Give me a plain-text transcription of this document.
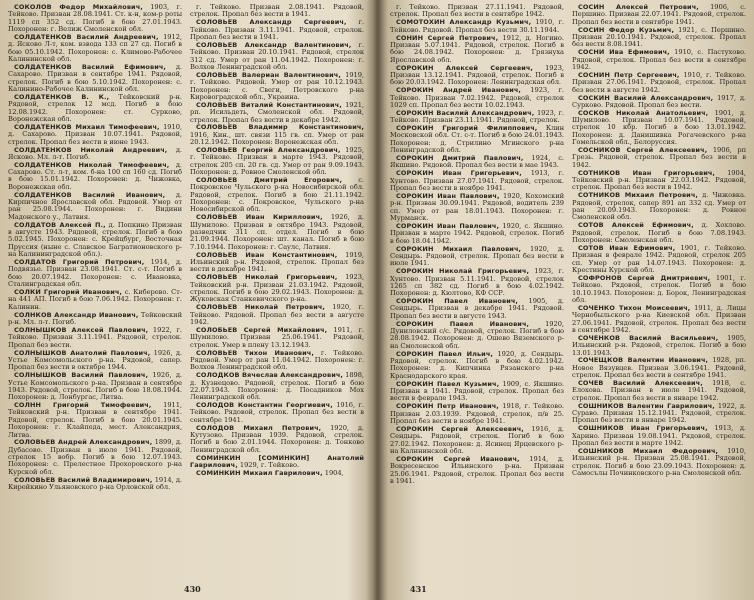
СОКОЛОВ Федор Михайлович, 1903, г. Тейково. Призван 28.08.1941. Ст. к-н, ком-р роты 1119 сп 352 сд. Погиб в бою 27.01.1943. Похоронен: г. Велиж Смоленской обл.
СОЛДАТЕНКОВ Василий Андреевич, 1912, д. Ясково Л-т, ком. взвода 133 сп 27 сд. Погиб в бою 05.10.1942. Похоронен: с. Климово-Рабочее Калининской обл.
СОЛДАТЕНКОВ Василий Ефимович, д. Сахарово. Призван в сентябре 1941. Рядовой, стрелок. Погиб в бою 5.10.1942. Похоронен: с. Калинино-Рабочее Калининской обл.
СОЛДАТЕНКОВ В. К., Тейковский р-н. Рядовой, стрелок 12 мсд. Погиб в бою 12.08.1942. Похоронен: ст. Сурково, Воронежская обл.
СОЛДАТЕНКОВ Михаил Тимофеевич, 1910, д. Сахарово. Призван 10.07.1941. Рядовой, стрелок. Пропал без вести в июне 1943.
СОЛДАТЕНКОВ Николай Андреевич, д. Ясково. Мл. л-т. Погиб.
СОЛДАТЕНКОВ Николай Тимофеевич, д. Сахарово. Ст. л-т, ком. б-на 100 сп 160 сд. Погиб в бою 15.01.1942. Похоронен: д. Чижовка, Воронежская обл.
СОЛДАТЕНКОВ Василий Иванович, д. Кирпичное Ярославской обл. Рядовой. Умер от ран 25.08.1944. Похоронен: г. Видини Мадонского у., Латвия.
СОЛДАТОВ Алексей П., д. Попкино Призван в августе 1943. Рядовой, стрелок. Погиб в бою 5.02.1945. Похоронен: с. Крейцбург, Восточная Пруссия (ныне с. Славское Багратионовского р-на Калининградской обл.).
СОЛДАТОВ Григорий Петрович, 1914, д. Подвязье. Призван 23.08.1941. Ст. с-т. Погиб в бою 20.07.1942. Похоронен: с. Ивановка, Сталинградская обл.
СОЛКИ Григорий Иванович, с. Киберево. Ст-на 441 АП. Погиб в бою 7.06.1942. Похоронен: г. Калинин.
СОЛНКОВ Александр Иванович, Тейковский р-н. Мл. л-т. Погиб.
СОЛНЫШКОВ Алексей Павлович, 1922, г. Тейково. Призван 3.11.1941. Рядовой, стрелок. Пропал без вести.
СОЛНЫШКОВ Анатолий Павлович, 1926, д. Устье Комсомольского р-на. Рядовой, сапер. Пропал без вести в октябре 1944.
СОЛНЫШКОВ Василий Павлович, 1926, д. Устье Комсомольского р-на. Призван в сентябре 1943. Рядовой, стрелок. Погиб в бою 18.08.1944. Похоронен: д. Лонбургас, Литва.
СОЛНН Григорий Тимофеевич, 1911, Тейковский р-н. Призван в сентябре 1941. Рядовой, стрелок. Погиб в бою 20.01.1945. Похоронен: г. Клайпеда, мест. Александрия, Литва.
СОЛОВЬЕВ Андрей Александрович, 1899, д. Дубасово. Призван в июле 1941. Рядовой, стрелок 15 вобр. Погиб в бою 12.07.1943. Похоронен: с. Прелестное Прохоровского р-на Курской обл.
СОЛОВЬЕВ Василий Владимирович, 1914, д. Кирейкино Ульяновского р-на Орловской обл.
г. Тейково. Призван 2.08.1941. Рядовой, стрелок. Пропал без вести в 1941.
СОЛОВЬЕВ Александр Сергеевич, г. Тейково. Призван 3.11.1941. Рядовой, стрелок. Пропал без вести в 1941.
СОЛОВЬЕВ Александр Валентинович, г. Тейково. Призван 20.10.1941. Рядовой, стрелок 312 сд. Умер от ран 11.04.1942. Похоронен: г. Волхов Ленинградской обл.
СОЛОВЬЕВ Валериан Валентинович, 1919, г. Тейково. Рядовой. Умер от ран 10.12.1943. Похоронен: с. Свеги, Петровского р-на Кировоградской обл., Украина.
СОЛОВЬЕВ Виталий Константинович, 1921, рп. Исильдеть, Смоленской обл. Рядовой, стрелок. Пропал без вести в декабре 1942.
СОЛОВЬЕВ Владимир Константинович, 1916, Кин., шт. связи 115 гв. сп. Умер от ран 20.12.1942. Похоронен: Воронежская обл.
СОЛОВЬЕВ Георгий Александрович, 1925, г. Тейково. Призван в марте 1943. Рядовой, стрелок 205 сп. 20 гв. сд. Умер от ран 9.09.1943. Похоронен: д. Ровное Смоленской обл.
СОЛОВЬЕВ Дмитрий Егорович, с. Покровское Чульского р-на Новосибирской обл. Рядовой, стрелок. Погиб в бою 21.11.1942. Похоронен: с. Покровское, Чульского р-на Новосибирской обл.
СОЛОВЬЕВ Иван Кириллович, 1926, д. Шумилово. Призван в октябре 1943. Рядовой, разведчик 311 сп. отдел. Погиб в бою 21.09.1944. Похоронен: шт. канал. Погиб в бою 7.10.1944. Похоронен: г. Саулс, Латвия.
СОЛОВЬЕВ Иван Константинович, 1919, Ильинский р-н. Рядовой, стрелок. Пропал без вести в декабре 1941.
СОЛОВЬЕВ Николай Григорьевич, 1923, Тейковский р-н. Призван 21.03.1942. Рядовой, стрелок. Погиб в бою 29.02.1943. Похоронен: д. Жуковская Станкевичского р-на.
СОЛОВЬЕВ Николай Петрович, 1920, г. Тейково. Рядовой. Пропал без вести в августе 1942.
СОЛОБЬЕВ Сергей Михайлович, 1911, г. Шумилово. Призван 25.06.1941. Рядовой, стрелок. Умер в плену 13.12.1943.
СОЛОВЬЕВ Тихон Иванович, г. Тейково. Рядовой. Умер от ран 11.04.1942. Похоронен: г. Волхов Ленинградской обл.
СОЛОДКОВ Вячеслав Александрович, 1898, д. Кузнецово. Рядовой, стрелок. Погиб в бою 22.07.1943. Похоронен: д. Посадников Мох Ленинградской обл.
СОЛОДОВ Константин Георгиевич, 1916, г. Тейково. Рядовой, стрелок. Пропал без вести в сентябре 1941.
СОЛОДОВ Михаил Петрович, 1920, д. Кутузово. Призван 1939. Рядовой, стрелок. Погиб в бою 2.01.1944. Похоронен: д. Тонково Ленинградской обл.
СОМИНКИН [СОМИНКИН] Анатолий Гаврилович, 1929, г. Тейково.
СОМИНКИН Михаил Гаврилович, 1904,
430
г. Тейково. Призван 27.11.1941. Рядовой, стрелок. Пропал без вести в сентябре 1942.
СОМОТОХИН Александр Кузьмич, 1910, г. Тейково. Рядовой. Пропал без вести 30.11.1944.
СОНИН Сергей Петрович, 1912, д. Ногино. Призван 5.07.1941. Рядовой, стрелок. Погиб в бою 24.08.1942. Похоронен: д. Грязнуха Ярославской обл.
СОРОКИН Алексей Сергеевич, 1923, Призван 13.12.1941. Рядовой, стрелок. Погиб в бою 20.03.1942. Похоронен: Ленинградская обл.
СОРОКИН Андрей Иванович, 1923, г. Тейково. Призван 7.02.1942. Рядовой, стрелок 1029 сп. Пропал без вести 10.02.1943.
СОРОКИН Василий Александрович, 1923, г. Тейково. Призван 23.11.1941. Рядовой, стрелок.
СОРОКИН Григорий Филиппович, Клин Московской обл. Ст. с-т. Погиб в бою 24.01.1943. Похоронен: д. Стрилино Мгинского р-на Ленинградской обл.
СОРОКИН Дмитрий Павлович, 1924, с. Якшино. Рядовой. Пропал без вести в мае 1943.
СОРОКИН Иван Григорьевич, 1913, г. Хунтово. Призван 27.07.1941. Рядовой, стрелок. Пропал без вести в ноябре 1941.
СОРОКИН Иван Павлович, 1920, Кохомский р-н. Призван 30.09.1941. Рядовой, водитель 239 сп. Умер от ран 18.01.1943. Похоронен: г. Мурманск.
СОРОКИН Иван Павлович, 1920, с. Якшино. Призван в марте 1942. Рядовой, стрелок. Погиб в бою 18.04.1942.
СОРОКИН Михаил Павлович, 1920, д. Сендырь. Рядовой, стрелок. Пропал без вести в июле 1941.
СОРОКИН Николай Григорьевич, 1923, г. Хунтово. Призван 5.11.1941. Рядовой, стрелок 1265 сп 382 сд. Погиб в бою 4.02.1942. Похоронен: д. Кюлтово, КФ ССР.
СОРОКИН Павел Иванович, 1905, д. Сендырь. Призван в декабре 1941. Рядовой. Пропал без вести в августе 1943.
СОРОКИН Павел Иванович, 1920, Дуниловский с/с. Рядовой, стрелок. Погиб в бою 28.08.1942. Похоронен: д. Ошево Вяземского р-на Смоленской обл.
СОРОКИН Павел Ильич, 1920, д. Сендырь. Рядовой, стрелок. Погиб в бою 4.02.1942. Похоронен: д. Кипчинка Рязанского р-на Краснодарского края.
СОРОКИН Павел Кузьмич, 1909, с. Якшино. Призван в 1941. Рядовой, стрелок. Пропал без вести в феврале 1943.
СОРОКИН Петр Иванович, 1918, г. Тейково. Призван 2.03.1939. Рядовой, стрелок, п/в 25. Пропал без вести в ноябре 1941.
СОРОКИН Сергей Алексеевич, 1916, д. Сендырь. Рядовой, стрелок. Погиб в бою 27.02.1942. Похоронен: д. Ясинец Ярцевского р-на Калининской обл.
СОРОКИН Сергей Иванович, 1914, д. Вокресенское Ильинского р-на. Призван 25.06.1941. Рядовой, стрелок. Пропал без вести в 1941.
СОСИН Алексей Петрович, 1906, с. Першино. Призван 22.07.1941. Рядовой, стрелок. Пропал без вести в сентябре 1941.
СОСИН Федор Кузьмич, 1921, с. Першино. Призван 20.10.1941. Рядовой, стрелок. Пропал без вести 8.08.1941.
СОСНИ Ива Ефимович, 1910, с. Пастухово. Рядовой, стрелок. Пропал без вести в сентябре 1942.
СОСНИН Петр Сергеевич, 1910, г. Тейково. Призван 27.06.1941. Рядовой, стрелок. Пропал без вести в августе 1942.
СОСКИН Василий Александрович, 1917, д. Сурково. Рядовой. Пропал без вести.
СОСКОВ Николай Анатольевич, 1901, д. Шумилово. Призван 10.07.1941. Рядовой, стрелок 10 кбр. Погиб в бою 13.01.1942. Похоронен: д. Данишивка Рогачевского р-на Гомельской обл., Белоруссия.
СОСНИКОВ Сергей Алексеевич, 1906, рп Грезь. Рядовой, стрелок. Пропал без вести в 1942.
СОТНИКОВ Иван Григорьевич, 1904, Тейковский р-н. Призван 22.03.1942. Рядовой, стрелок. Пропал без вести в 1942.
СОТНИКОВ Михаил Петрович, д. Чижовка. Рядовой, стрелок, сапер 891 ап 332 сд. Умер от ран 20.09.1943. Похоронен: д. Ровное Смоленской обл.
СОТОВ Алексей Ефимович, д. Хохлово. Рядовой, стрелок. Погиб в бою 7.08.1943. Похоронен: Смоленская обл.
СОТОВ Иван Ефимович, 1901, г. Тейково. Призван в феврале 1942. Рядовой, стрелок 205 сп. Умер от ран 14.07.1943. Похоронен: д. Крестины Курской обл.
СОФРОНОВ Сергей Дмитриевич, 1901, г. Тейково. Рядовой, стрелок. Погиб в бою 10.10.1943. Похоронен: д. Борок, Ленинградская обл.
СОЧЕНКО Тихон Моисеевич, 1911, д. Лицы Чернобыльского р-на Киевской обл. Призван 27.06.1941. Рядовой, стрелок. Пропал без вести в сентябре 1942.
СОЧЕНКОВ Василий Васильевич, 1905, Ильинский р-н. Рядовой, стрелок. Погиб в бою 13.01.1943.
СОЧЕЩКОВ Валентин Иванович, 1928, рп. Новое Вязувцев. Призван 3.06.1941. Рядовой, стрелок. Пропал без вести в сентябре 1941.
СОЧЕВ Василий Алексеевич, 1918, с. Елохова. Призван в июле 1941. Рядовой, стрелок. Пропал без вести в январе 1942.
СОШНИКОВ Валентин Гаврилович, 1922, д. Сураво. Призван 15.12.1941. Рядовой, стрелок. Пропал без вести в январе 1942.
СОШНИКОВ Иван Григорьевич, 1913, д. Харино. Призван 19.08.1941. Рядовой, стрелок. Пропал без вести в марте 1942.
СОШНИКОВ Михаил Федорович, 1910, Ильинский р-н. Призван 25.08.1941. Рядовой, стрелок. Погиб в бою 23.09.1943. Похоронен: д. Самосълы Починковского р-на Смоленской обл.
431
